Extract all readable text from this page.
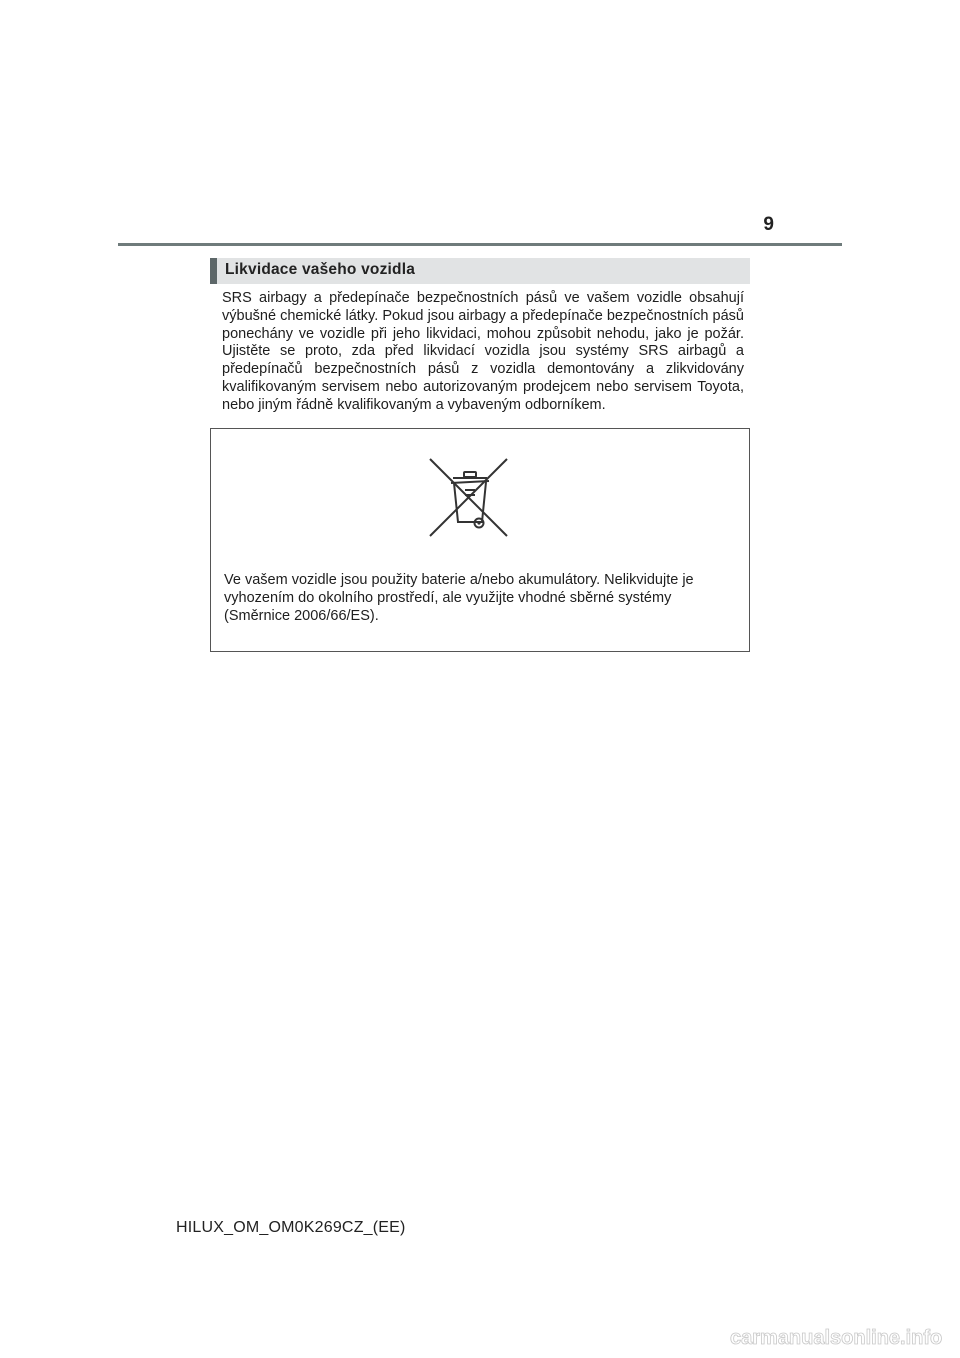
9
Likvidace vašeho vozidla
SRS airbagy a předepínače bezpečnostních pásů ve vašem vozidle obsahují výbušné chemické látky. Pokud jsou airbagy a předepínače bezpečnostních pásů ponechány ve vozidle při jeho likvidaci, mohou způsobit nehodu, jako je požár. Ujistěte se proto, zda před likvidací vozidla jsou systémy SRS airbagů a předepínačů bezpečnostních pásů z vozidla demontovány a zlikvidovány kvalifikovaným servisem nebo autorizovaným prodejcem nebo servisem Toyota, nebo jiným řádně kvalifikovaným a vybaveným odborníkem.
Ve vašem vozidle jsou použity baterie a/nebo akumulátory. Nelikvidujte je
vyhozením do okolního prostředí, ale využijte vhodné sběrné systémy
(Směrnice 2006/66/ES).
HILUX_OM_OM0K269CZ_(EE)
carmanualsonline.info
